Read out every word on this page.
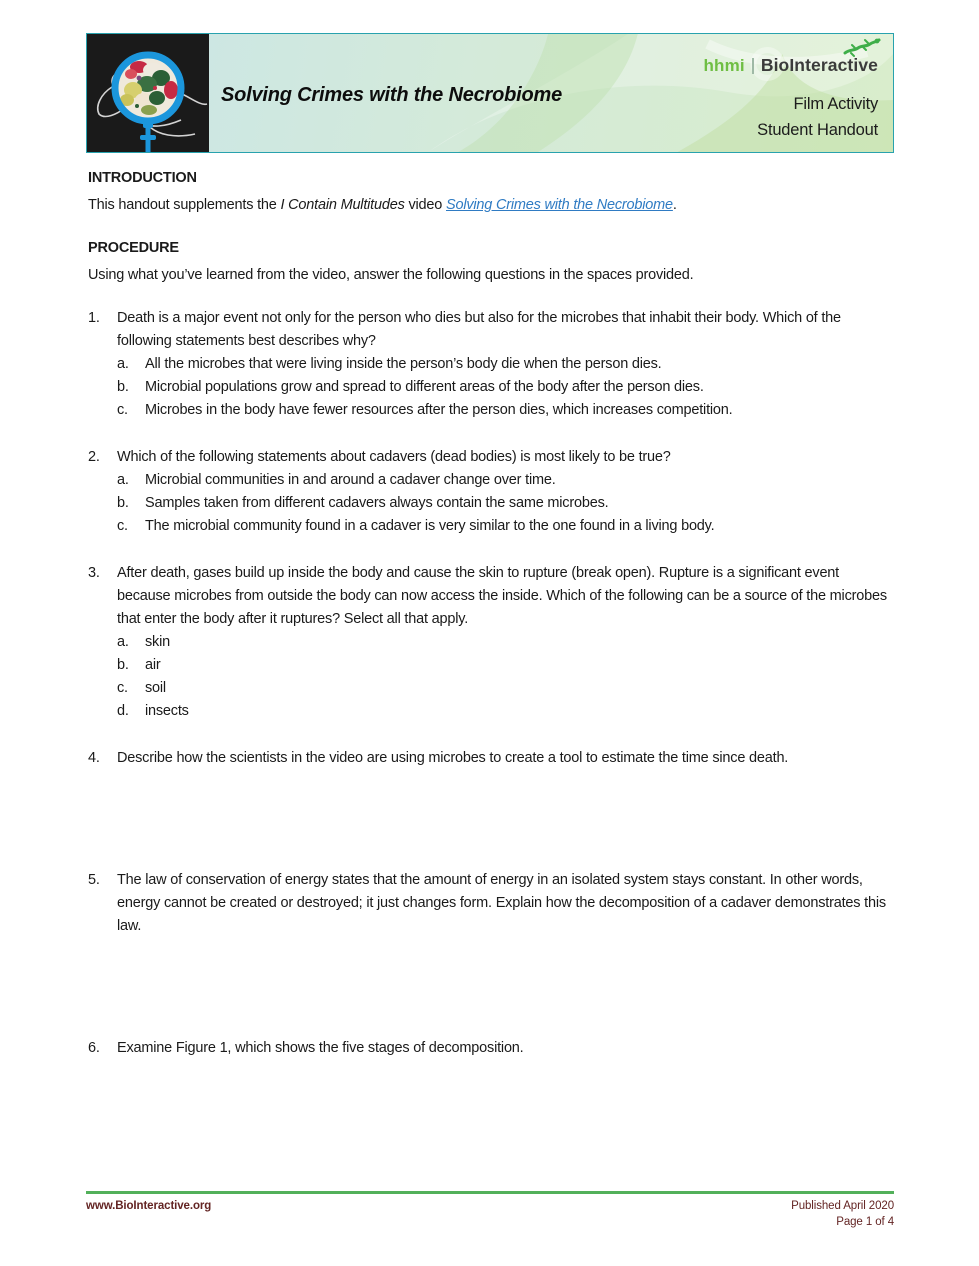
hhmi BioInteractive
Solving Crimes with the Necrobiome	Film Activity
Student Handout
INTRODUCTION

This handout supplements the I Contain Multitudes video Solving Crimes with the Necrobiome.

PROCEDURE

Using what you’ve learned from the video, answer the following questions in the spaces provided.

1.	Death is a major event not only for the person who dies but also for the microbes that inhabit their body. Which of the following statements best describes why?
a.	All the microbes that were living inside the person’s body die when the person dies.
b.	Microbial populations grow and spread to different areas of the body after the person dies.
c.	Microbes in the body have fewer resources after the person dies, which increases competition.
2.	Which of the following statements about cadavers (dead bodies) is most likely to be true?
a.	Microbial communities in and around a cadaver change over time.
b.	Samples taken from different cadavers always contain the same microbes.
c.	The microbial community found in a cadaver is very similar to the one found in a living body.
3.	After death, gases build up inside the body and cause the skin to rupture (break open). Rupture is a significant event because microbes from outside the body can now access the inside. Which of the following can be a source of the microbes that enter the body after it ruptures? Select all that apply.
a.	skin
b.	air
c.	soil
d.	insects
4.	Describe how the scientists in the video are using microbes to create a tool to estimate the time since death.
5.	The law of conservation of energy states that the amount of energy in an isolated system stays constant. In other words, energy cannot be created or destroyed; it just changes form. Explain how the decomposition of a cadaver demonstrates this law.
6.	Examine Figure 1, which shows the five stages of decomposition.
www.BioInteractive.org	Published April 2020
Page 1 of 4
